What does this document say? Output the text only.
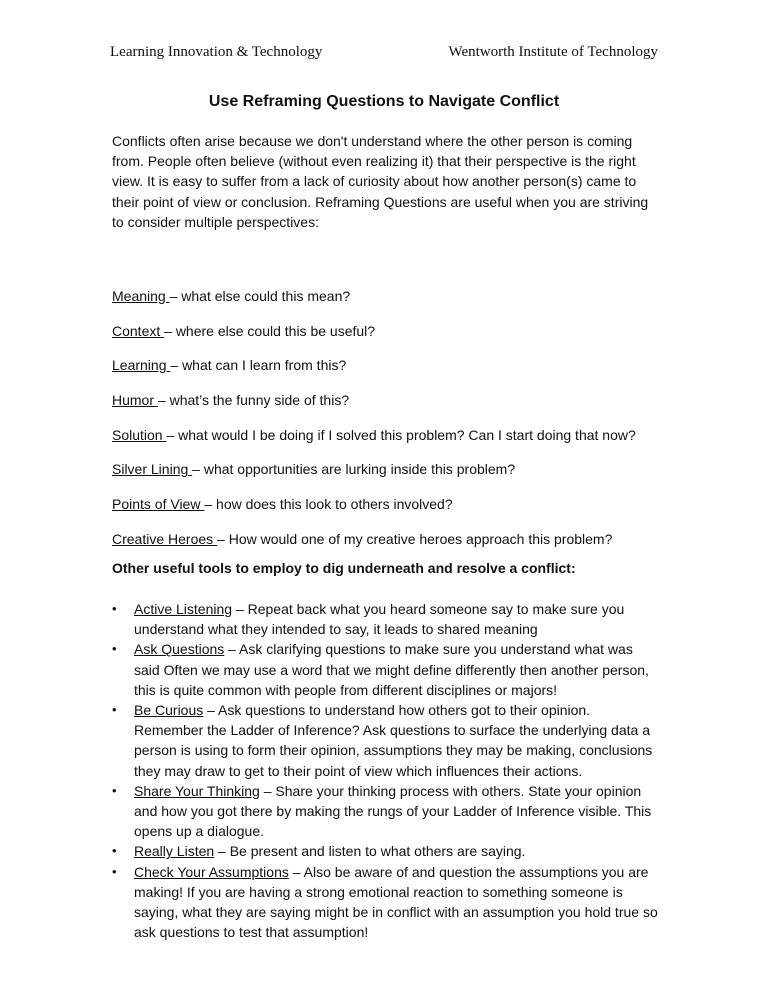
Learning Innovation & Technology	Wentworth Institute of Technology
Use Reframing Questions to Navigate Conflict

Conflicts often arise because we don't understand where the other person is coming from. People often believe (without even realizing it) that their perspective is the right view. It is easy to suffer from a lack of curiosity about how another person(s) came to their point of view or conclusion. Reframing Questions are useful when you are striving to consider multiple perspectives:

Meaning – what else could this mean?
Context – where else could this be useful?
Learning – what can I learn from this?
Humor – what’s the funny side of this?
Solution – what would I be doing if I solved this problem? Can I start doing that now?
Silver Lining – what opportunities are lurking inside this problem?
Points of View – how does this look to others involved?
Creative Heroes – How would one of my creative heroes approach this problem?
Other useful tools to employ to dig underneath and resolve a conflict:
• Active Listening – Repeat back what you heard someone say to make sure you understand what they intended to say, it leads to shared meaning
• Ask Questions – Ask clarifying questions to make sure you understand what was said Often we may use a word that we might define differently then another person, this is quite common with people from different disciplines or majors!
• Be Curious – Ask questions to understand how others got to their opinion. Remember the Ladder of Inference? Ask questions to surface the underlying data a person is using to form their opinion, assumptions they may be making, conclusions they may draw to get to their point of view which influences their actions.
• Share Your Thinking – Share your thinking process with others. State your opinion and how you got there by making the rungs of your Ladder of Inference visible. This opens up a dialogue.
• Really Listen – Be present and listen to what others are saying.
• Check Your Assumptions – Also be aware of and question the assumptions you are making! If you are having a strong emotional reaction to something someone is saying, what they are saying might be in conflict with an assumption you hold true so ask questions to test that assumption!
